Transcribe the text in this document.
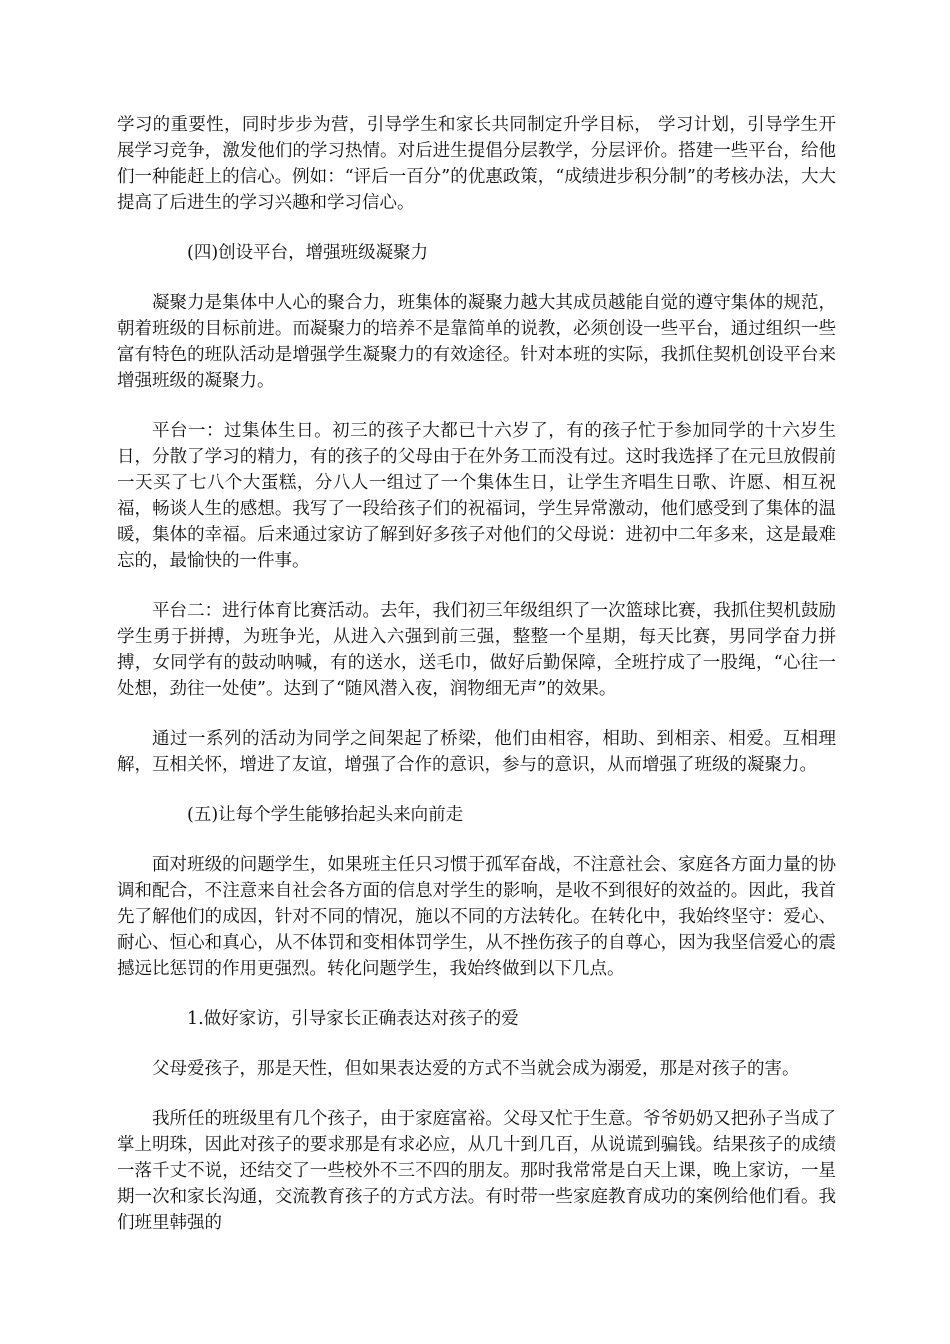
学习的重要性，同时步步为营，引导学生和家长共同制定升学目标， 学习计划，引导学生开展学习竞争，激发他们的学习热情。对后进生提倡分层教学，分层评价。搭建一些平台，给他们一种能赶上的信心。例如：“评后一百分”的优惠政策，“成绩进步积分制”的考核办法，大大提高了后进生的学习兴趣和学习信心。

(四)创设平台，增强班级凝聚力

凝聚力是集体中人心的聚合力，班集体的凝聚力越大其成员越能自觉的遵守集体的规范，朝着班级的目标前进。而凝聚力的培养不是靠简单的说教，必须创设一些平台，通过组织一些富有特色的班队活动是增强学生凝聚力的有效途径。针对本班的实际，我抓住契机创设平台来增强班级的凝聚力。

平台一：过集体生日。初三的孩子大都已十六岁了，有的孩子忙于参加同学的十六岁生日，分散了学习的精力，有的孩子的父母由于在外务工而没有过。这时我选择了在元旦放假前一天买了七八个大蛋糕，分八人一组过了一个集体生日，让学生齐唱生日歌、许愿、相互祝福，畅谈人生的感想。我写了一段给孩子们的祝福词，学生异常激动，他们感受到了集体的温暖，集体的幸福。后来通过家访了解到好多孩子对他们的父母说：进初中二年多来，这是最难忘的，最愉快的一件事。

平台二：进行体育比赛活动。去年，我们初三年级组织了一次篮球比赛，我抓住契机鼓励学生勇于拼搏，为班争光，从进入六强到前三强，整整一个星期，每天比赛，男同学奋力拼搏，女同学有的鼓动呐喊，有的送水，送毛巾，做好后勤保障，全班拧成了一股绳，“心往一处想，劲往一处使”。达到了“随风潜入夜，润物细无声”的效果。

通过一系列的活动为同学之间架起了桥梁，他们由相容，相助、到相亲、相爱。互相理解，互相关怀，增进了友谊，增强了合作的意识，参与的意识，从而增强了班级的凝聚力。

(五)让每个学生能够抬起头来向前走

面对班级的问题学生，如果班主任只习惯于孤军奋战，不注意社会、家庭各方面力量的协调和配合，不注意来自社会各方面的信息对学生的影响，是收不到很好的效益的。因此，我首先了解他们的成因，针对不同的情况，施以不同的方法转化。在转化中，我始终坚守：爱心、耐心、恒心和真心，从不体罚和变相体罚学生，从不挫伤孩子的自尊心，因为我坚信爱心的震撼远比惩罚的作用更强烈。转化问题学生，我始终做到以下几点。

1.做好家访，引导家长正确表达对孩子的爱

父母爱孩子，那是天性，但如果表达爱的方式不当就会成为溺爱，那是对孩子的害。

我所任的班级里有几个孩子，由于家庭富裕。父母又忙于生意。爷爷奶奶又把孙子当成了掌上明珠，因此对孩子的要求那是有求必应，从几十到几百，从说谎到骗钱。结果孩子的成绩一落千丈不说，还结交了一些校外不三不四的朋友。那时我常常是白天上课，晚上家访，一星期一次和家长沟通，交流教育孩子的方式方法。有时带一些家庭教育成功的案例给他们看。我们班里韩强的
